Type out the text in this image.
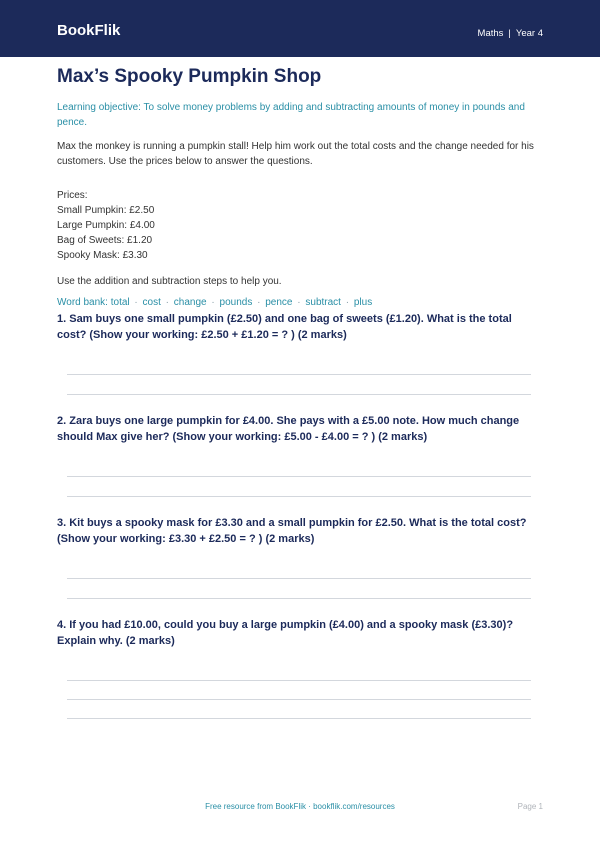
BookFlik	Maths | Year 4
Max’s Spooky Pumpkin Shop
Learning objective: To solve money problems by adding and subtracting amounts of money in pounds and pence.
Max the monkey is running a pumpkin stall! Help him work out the total costs and the change needed for his customers. Use the prices below to answer the questions.
Prices:
Small Pumpkin: £2.50
Large Pumpkin: £4.00
Bag of Sweets: £1.20
Spooky Mask: £3.30
Use the addition and subtraction steps to help you.
Word bank: total · cost · change · pounds · pence · subtract · plus
1. Sam buys one small pumpkin (£2.50) and one bag of sweets (£1.20). What is the total cost? (Show your working: £2.50 + £1.20 = ? ) (2 marks)
2. Zara buys one large pumpkin for £4.00. She pays with a £5.00 note. How much change should Max give her? (Show your working: £5.00 - £4.00 = ? ) (2 marks)
3. Kit buys a spooky mask for £3.30 and a small pumpkin for £2.50. What is the total cost? (Show your working: £3.30 + £2.50 = ? ) (2 marks)
4. If you had £10.00, could you buy a large pumpkin (£4.00) and a spooky mask (£3.30)? Explain why. (2 marks)
Free resource from BookFlik · bookflik.com/resources	Page 1
